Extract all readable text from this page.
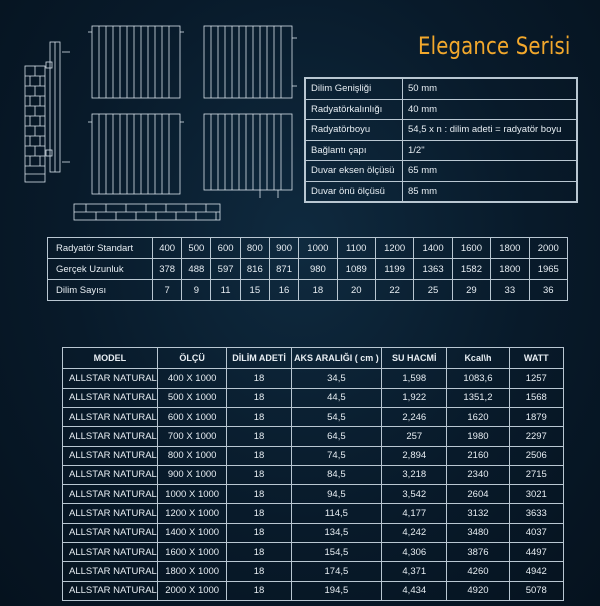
Elegance Serisi
Dilim Genişliği	50 mm
Radyatörkalınlığı	40 mm
Radyatörboyu	54,5 x n : dilim adeti = radyatör boyu
Bağlantı çapı	1/2"
Duvar eksen ölçüsü	65 mm
Duvar önü ölçüsü	85 mm
Radyatör Standart	400	500	600	800	900	1000	1100	1200	1400	1600	1800	2000
Gerçek Uzunluk	378	488	597	816	871	980	1089	1199	1363	1582	1800	1965
Dilim Sayısı	7	9	11	15	16	18	20	22	25	29	33	36
MODEL	ÖLÇÜ	DİLİM ADETİ	AKS ARALIĞI ( cm )	SU HACMİ	Kcal\h	WATT
ALLSTAR NATURAL	400 X 1000	18	34,5	1,598	1083,6	1257
ALLSTAR NATURAL	500 X 1000	18	44,5	1,922	1351,2	1568
ALLSTAR NATURAL	600 X 1000	18	54,5	2,246	1620	1879
ALLSTAR NATURAL	700 X 1000	18	64,5	257	1980	2297
ALLSTAR NATURAL	800 X 1000	18	74,5	2,894	2160	2506
ALLSTAR NATURAL	900 X 1000	18	84,5	3,218	2340	2715
ALLSTAR NATURAL	1000 X 1000	18	94,5	3,542	2604	3021
ALLSTAR NATURAL	1200 X 1000	18	114,5	4,177	3132	3633
ALLSTAR NATURAL	1400 X 1000	18	134,5	4,242	3480	4037
ALLSTAR NATURAL	1600 X 1000	18	154,5	4,306	3876	4497
ALLSTAR NATURAL	1800 X 1000	18	174,5	4,371	4260	4942
ALLSTAR NATURAL	2000 X 1000	18	194,5	4,434	4920	5078
